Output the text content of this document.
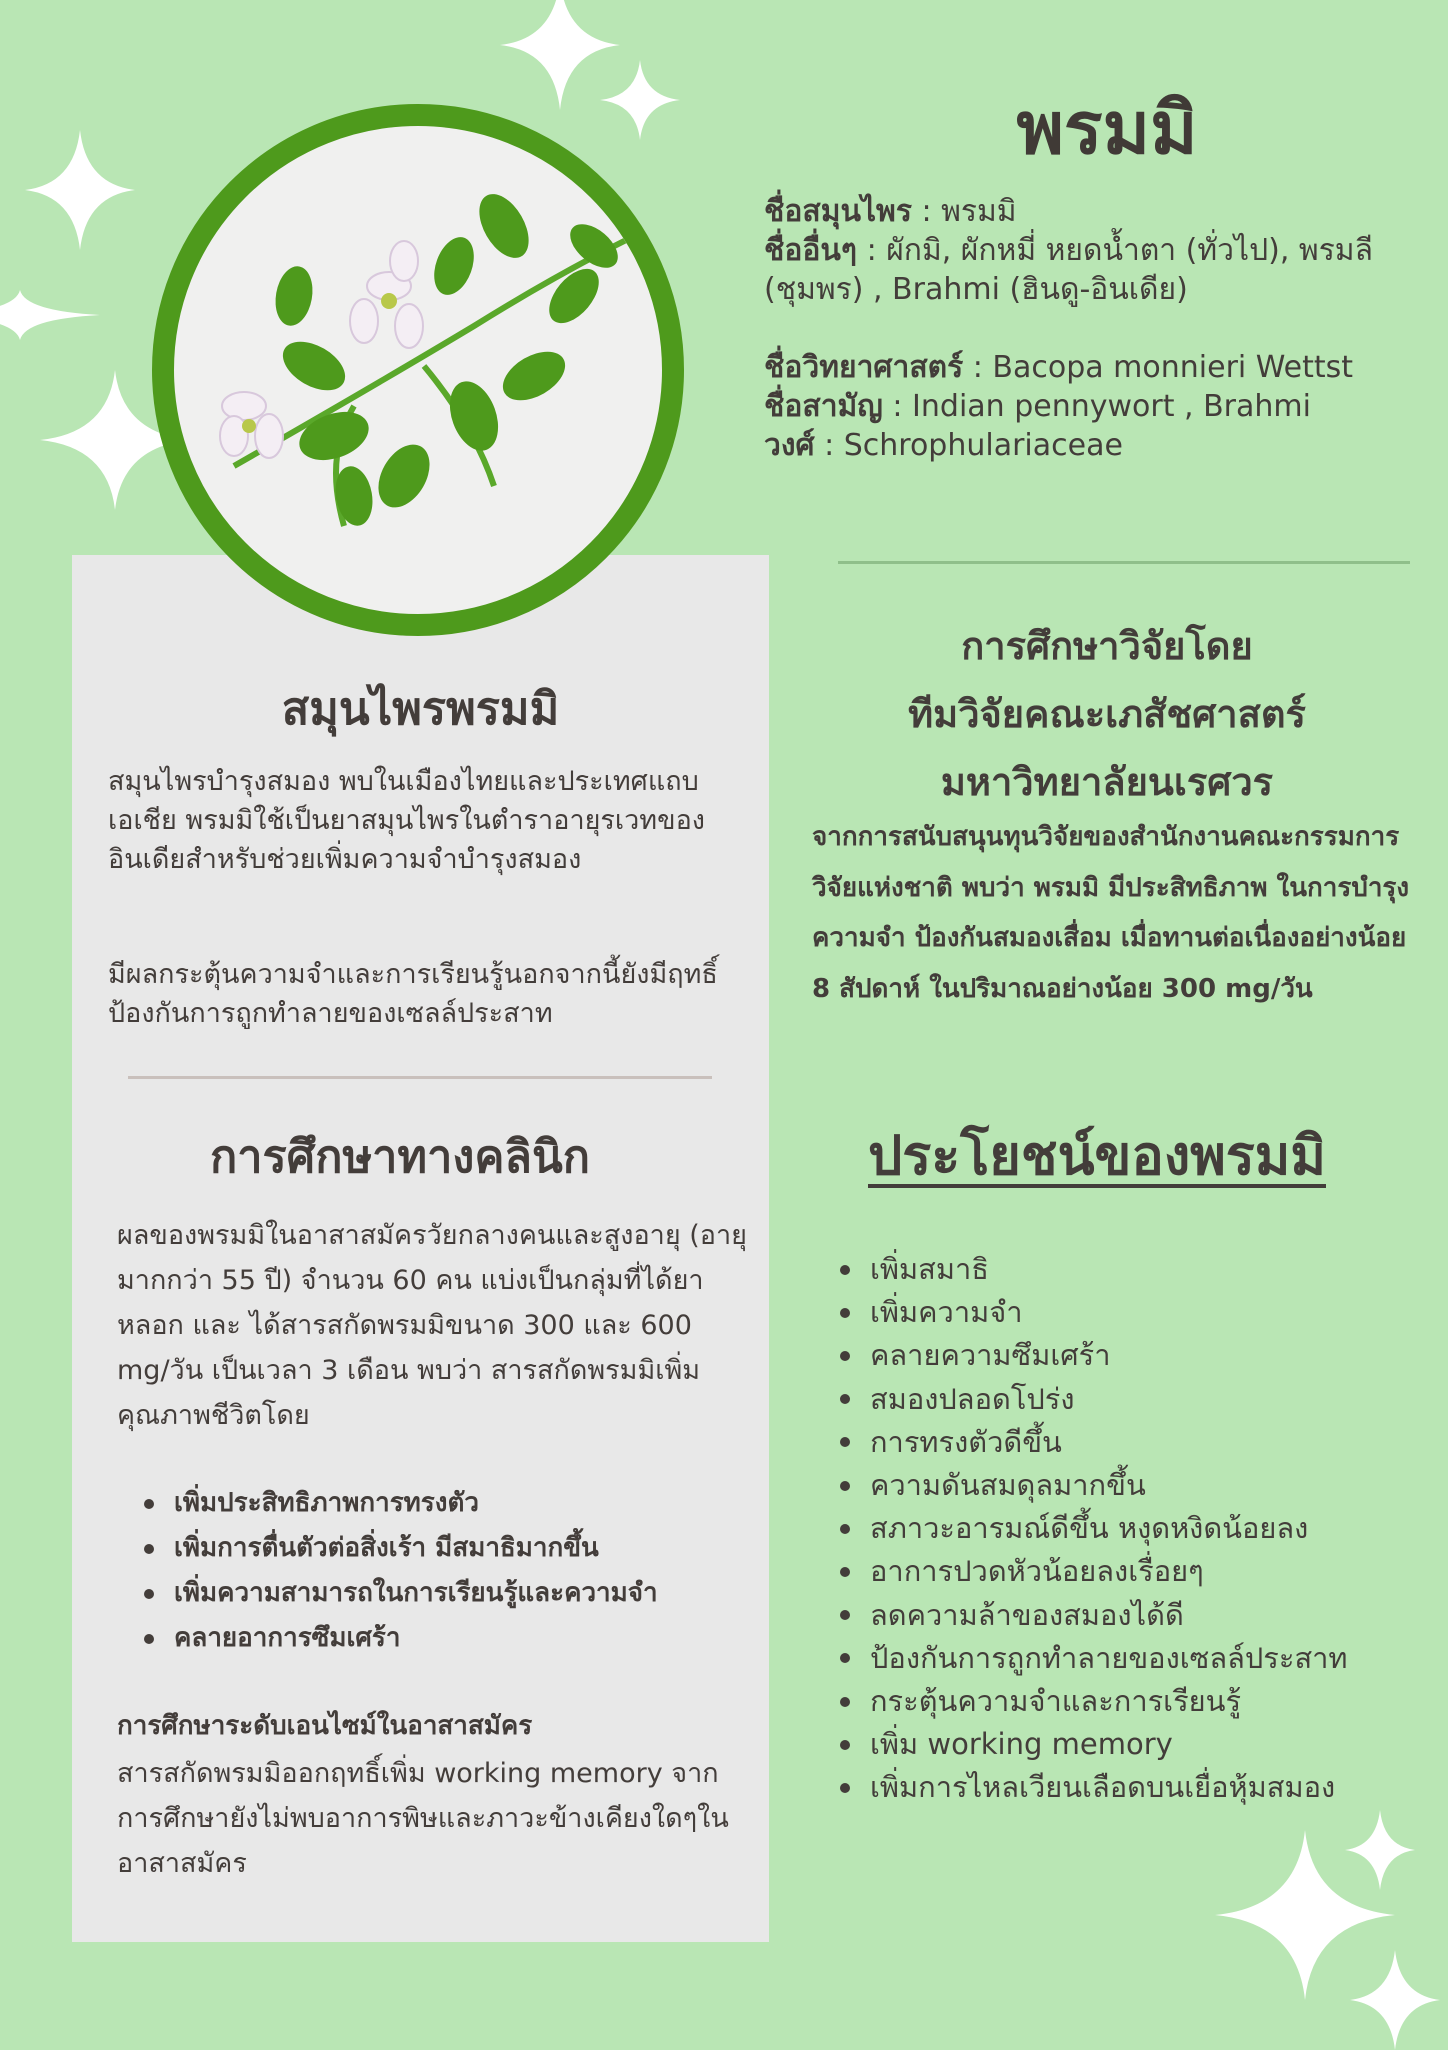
พรมมิ
ชื่อสมุนไพร : พรมมิ
ชื่ออื่นๆ : ผักมิ, ผักหมี่ หยดน้ำตา (ทั่วไป), พรมลี (ชุมพร) , Brahmi (ฮินดู-อินเดีย)
ชื่อวิทยาศาสตร์ : Bacopa monnieri Wettst
ชื่อสามัญ : Indian pennywort , Brahmi
วงศ์ : Schrophulariaceae
สมุนไพรพรมมิ
สมุนไพรบำรุงสมอง พบในเมืองไทยและประเทศแถบเอเชีย พรมมิใช้เป็นยาสมุนไพรในตำราอายุรเวทของอินเดียสำหรับช่วยเพิ่มความจำบำรุงสมอง
มีผลกระตุ้นความจำและการเรียนรู้นอกจากนี้ยังมีฤทธิ์ป้องกันการถูกทำลายของเซลล์ประสาท
การศึกษาทางคลินิก
ผลของพรมมิในอาสาสมัครวัยกลางคนและสูงอายุ (อายุมากกว่า 55 ปี) จำนวน 60 คน แบ่งเป็นกลุ่มที่ได้ยาหลอก และ ได้สารสกัดพรมมิขนาด 300 และ 600 mg/วัน เป็นเวลา 3 เดือน พบว่า สารสกัดพรมมิเพิ่มคุณภาพชีวิตโดย
เพิ่มประสิทธิภาพการทรงตัว
เพิ่มการตื่นตัวต่อสิ่งเร้า มีสมาธิมากขึ้น
เพิ่มความสามารถในการเรียนรู้และความจำ
คลายอาการซึมเศร้า
การศึกษาระดับเอนไซม์ในอาสาสมัคร
สารสกัดพรมมิออกฤทธิ์เพิ่ม working memory จากการศึกษายังไม่พบอาการพิษและภาวะข้างเคียงใดๆในอาสาสมัคร
การศึกษาวิจัยโดย
ทีมวิจัยคณะเภสัชศาสตร์
มหาวิทยาลัยนเรศวร
จากการสนับสนุนทุนวิจัยของสำนักงานคณะกรรมการวิจัยแห่งชาติ พบว่า พรมมิ มีประสิทธิภาพ ในการบำรุงความจำ ป้องกันสมองเสื่อม เมื่อทานต่อเนื่องอย่างน้อย 8 สัปดาห์ ในปริมาณอย่างน้อย 300 mg/วัน
ประโยชน์ของพรมมิ
เพิ่มสมาธิ
เพิ่มความจำ
คลายความซึมเศร้า
สมองปลอดโปร่ง
การทรงตัวดีขึ้น
ความดันสมดุลมากขึ้น
สภาวะอารมณ์ดีขึ้น หงุดหงิดน้อยลง
อาการปวดหัวน้อยลงเรื่อยๆ
ลดความล้าของสมองได้ดี
ป้องกันการถูกทำลายของเซลล์ประสาท
กระตุ้นความจำและการเรียนรู้
เพิ่ม working memory
เพิ่มการไหลเวียนเลือดบนเยื่อหุ้มสมอง
